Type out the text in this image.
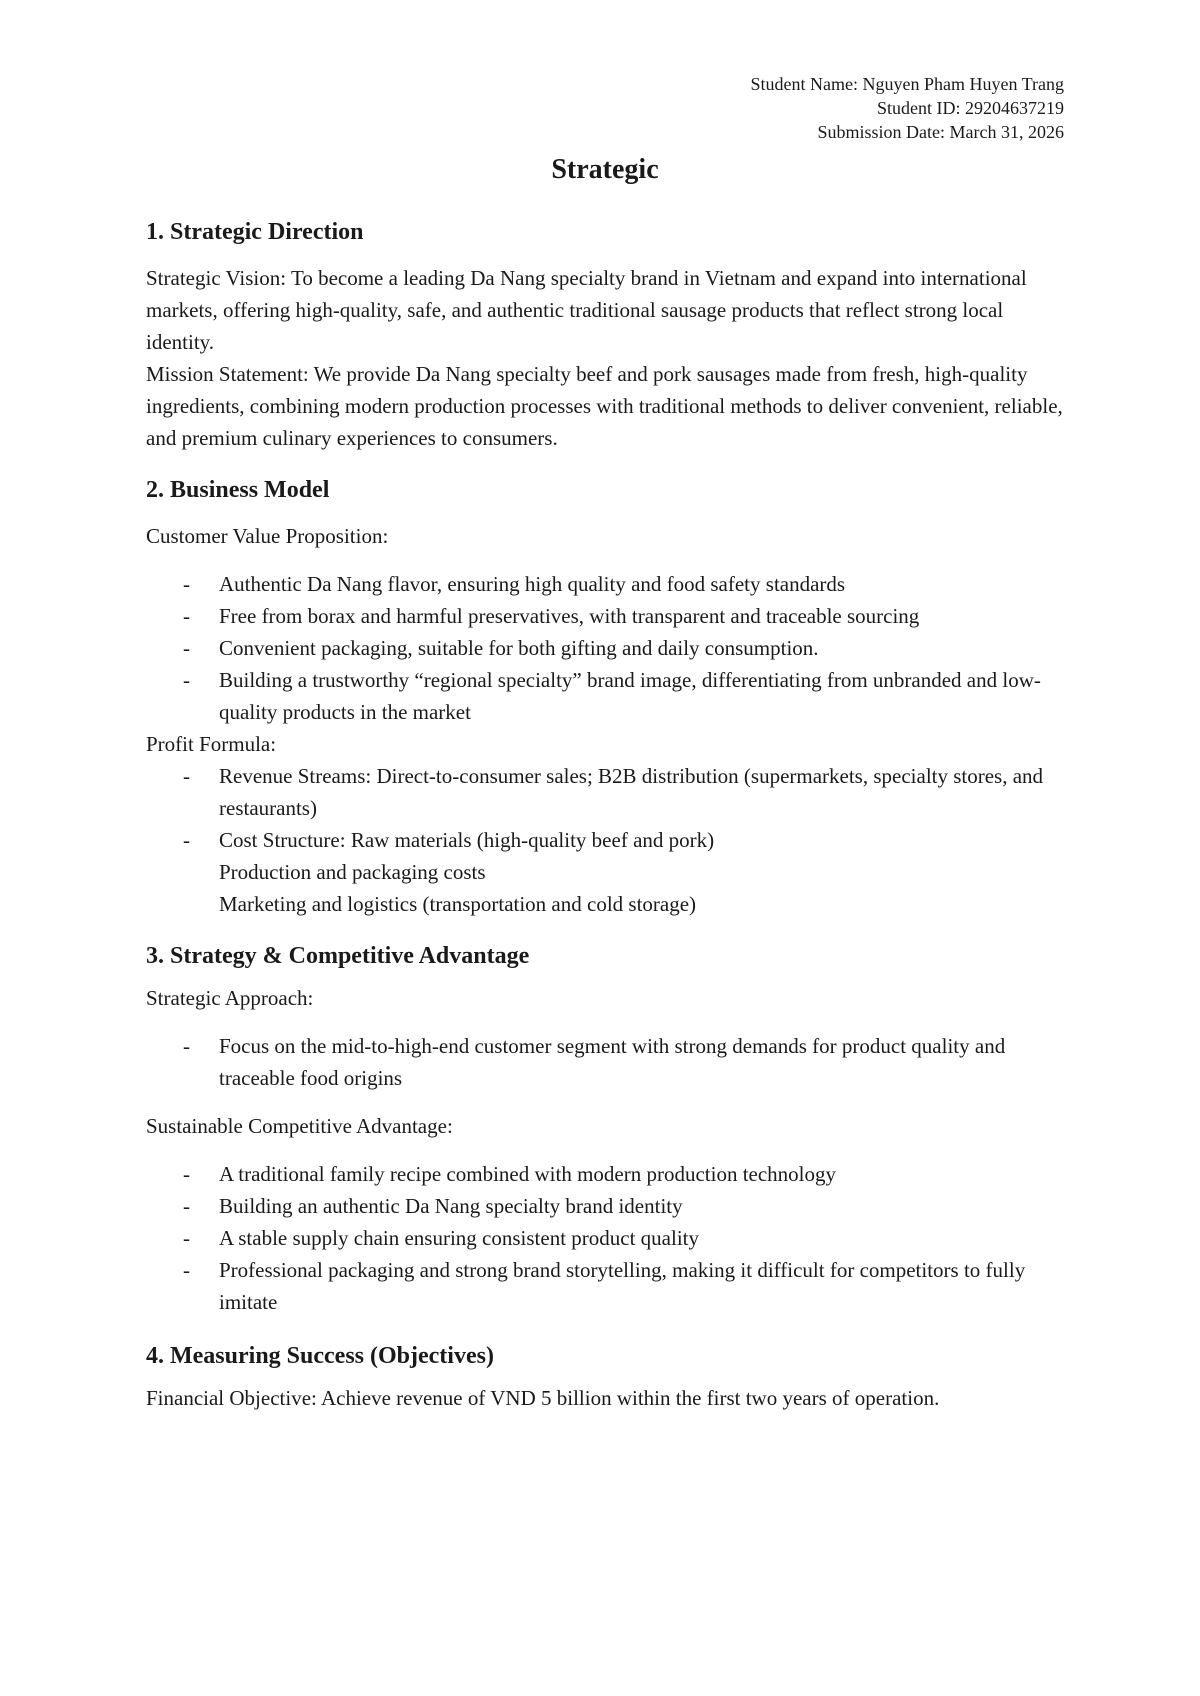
Student Name: Nguyen Pham Huyen Trang
Student ID: 29204637219
Submission Date: March 31, 2026
Strategic
1. Strategic Direction

Strategic Vision: To become a leading Da Nang specialty brand in Vietnam and expand into international markets, offering high-quality, safe, and authentic traditional sausage products that reflect strong local identity.

Mission Statement: We provide Da Nang specialty beef and pork sausages made from fresh, high-quality ingredients, combining modern production processes with traditional methods to deliver convenient, reliable, and premium culinary experiences to consumers.

2. Business Model

Customer Value Proposition:

- Authentic Da Nang flavor, ensuring high quality and food safety standards
- Free from borax and harmful preservatives, with transparent and traceable sourcing
- Convenient packaging, suitable for both gifting and daily consumption.
- Building a trustworthy “regional specialty” brand image, differentiating from unbranded and low-quality products in the market

Profit Formula:

- Revenue Streams: Direct-to-consumer sales; B2B distribution (supermarkets, specialty stores, and restaurants)
- Cost Structure: Raw materials (high-quality beef and pork)
Production and packaging costs
Marketing and logistics (transportation and cold storage)
3. Strategy & Competitive Advantage

Strategic Approach:

- Focus on the mid-to-high-end customer segment with strong demands for product quality and traceable food origins

Sustainable Competitive Advantage:

- A traditional family recipe combined with modern production technology
- Building an authentic Da Nang specialty brand identity
- A stable supply chain ensuring consistent product quality
- Professional packaging and strong brand storytelling, making it difficult for competitors to fully imitate
4. Measuring Success (Objectives)

Financial Objective: Achieve revenue of VND 5 billion within the first two years of operation.
